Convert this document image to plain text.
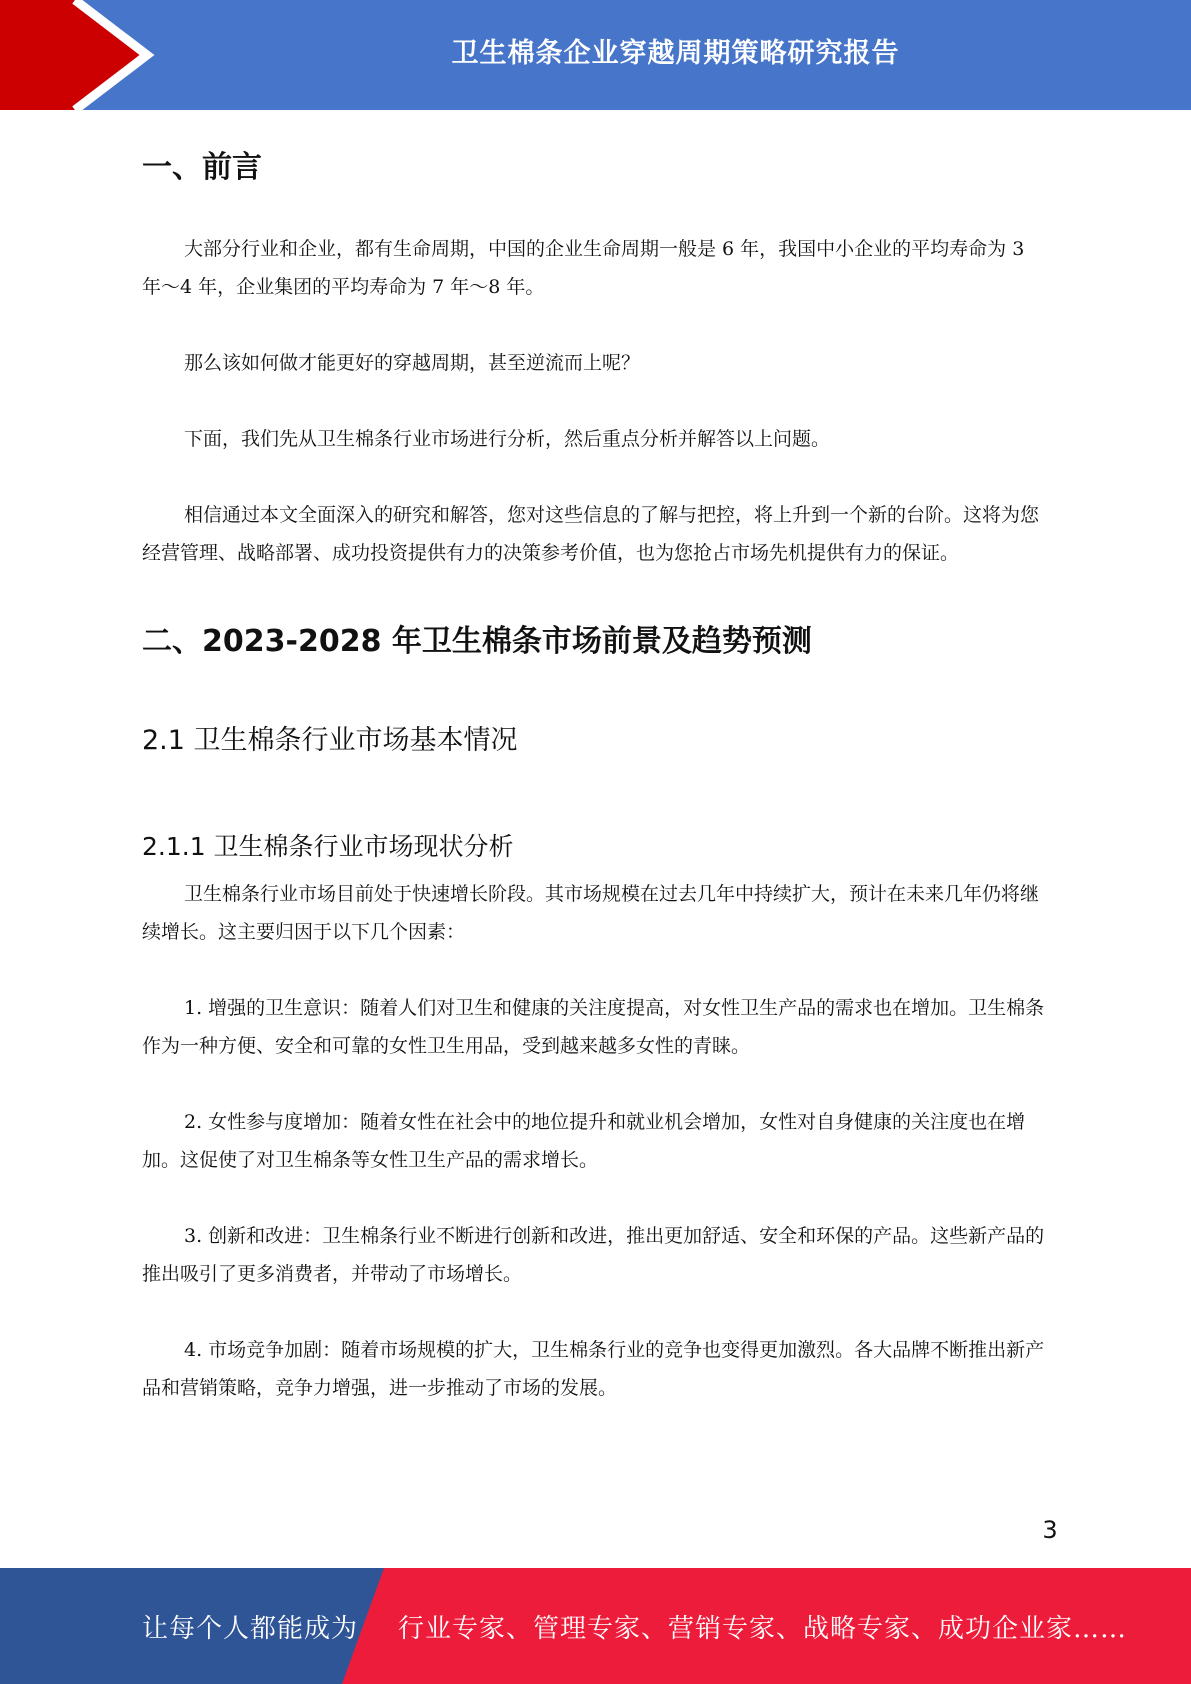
卫生棉条企业穿越周期策略研究报告
一、前言

大部分行业和企业，都有生命周期，中国的企业生命周期一般是 6 年，我国中小企业的平均寿命为 3 年～4 年，企业集团的平均寿命为 7 年～8 年。

那么该如何做才能更好的穿越周期，甚至逆流而上呢？

下面，我们先从卫生棉条行业市场进行分析，然后重点分析并解答以上问题。

相信通过本文全面深入的研究和解答，您对这些信息的了解与把控，将上升到一个新的台阶。这将为您经营管理、战略部署、成功投资提供有力的决策参考价值，也为您抢占市场先机提供有力的保证。

二、2023-2028 年卫生棉条市场前景及趋势预测
2.1 卫生棉条行业市场基本情况
2.1.1 卫生棉条行业市场现状分析

卫生棉条行业市场目前处于快速增长阶段。其市场规模在过去几年中持续扩大，预计在未来几年仍将继续增长。这主要归因于以下几个因素：

1. 增强的卫生意识：随着人们对卫生和健康的关注度提高，对女性卫生产品的需求也在增加。卫生棉条作为一种方便、安全和可靠的女性卫生用品，受到越来越多女性的青睐。

2. 女性参与度增加：随着女性在社会中的地位提升和就业机会增加，女性对自身健康的关注度也在增加。这促使了对卫生棉条等女性卫生产品的需求增长。

3. 创新和改进：卫生棉条行业不断进行创新和改进，推出更加舒适、安全和环保的产品。这些新产品的推出吸引了更多消费者，并带动了市场增长。

4. 市场竞争加剧：随着市场规模的扩大，卫生棉条行业的竞争也变得更加激烈。各大品牌不断推出新产品和营销策略，竞争力增强，进一步推动了市场的发展。

3
让每个人都能成为 行业专家、管理专家、营销专家、战略专家、成功企业家……
